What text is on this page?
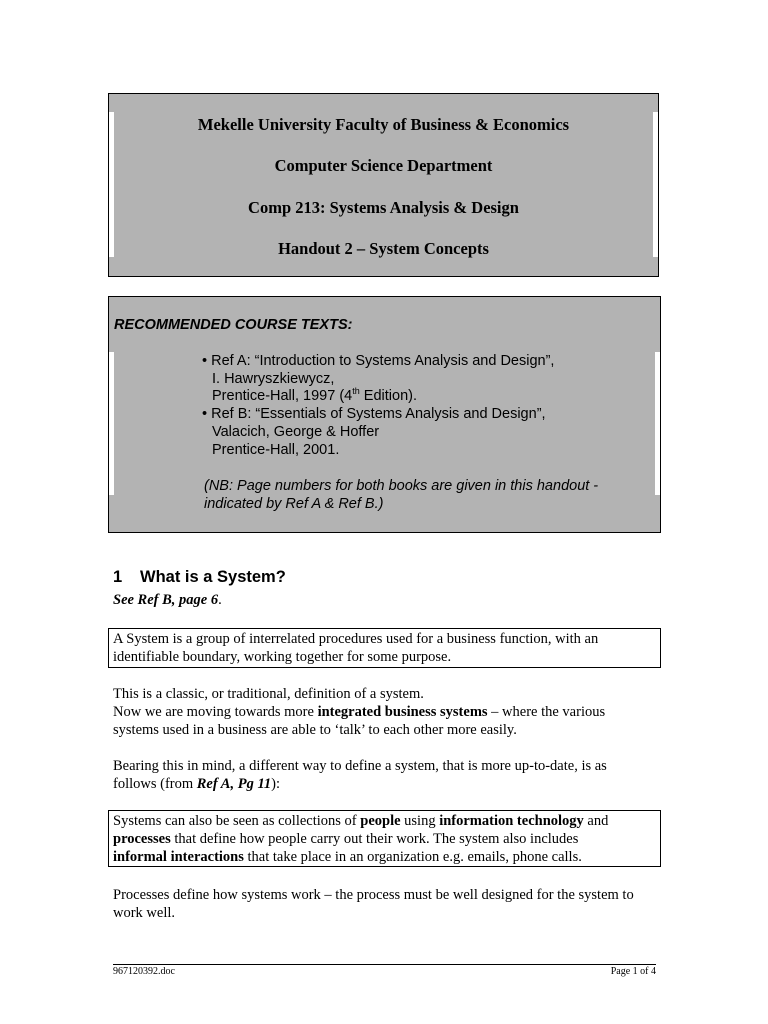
Mekelle University Faculty of Business & Economics
Computer Science Department
Comp 213: Systems Analysis & Design
Handout 2 – System Concepts
RECOMMENDED COURSE TEXTS:
• Ref A: “Introduction to Systems Analysis and Design”,
I. Hawryszkiewycz,
Prentice-Hall, 1997 (4th Edition).
• Ref B: “Essentials of Systems Analysis and Design”,
Valacich, George & Hoffer
Prentice-Hall, 2001.
(NB: Page numbers for both books are given in this handout -
indicated by Ref A & Ref B.)
1 What is a System?
See Ref B, page 6.
A System is a group of interrelated procedures used for a business function, with an
identifiable boundary, working together for some purpose.
This is a classic, or traditional, definition of a system.
Now we are moving towards more integrated business systems – where the various
systems used in a business are able to ‘talk’ to each other more easily.
Bearing this in mind, a different way to define a system, that is more up-to-date, is as
follows (from Ref A, Pg 11):
Systems can also be seen as collections of people using information technology and
processes that define how people carry out their work. The system also includes
informal interactions that take place in an organization e.g. emails, phone calls.
Processes define how systems work – the process must be well designed for the system to
work well.
967120392.doc	Page 1 of 4
